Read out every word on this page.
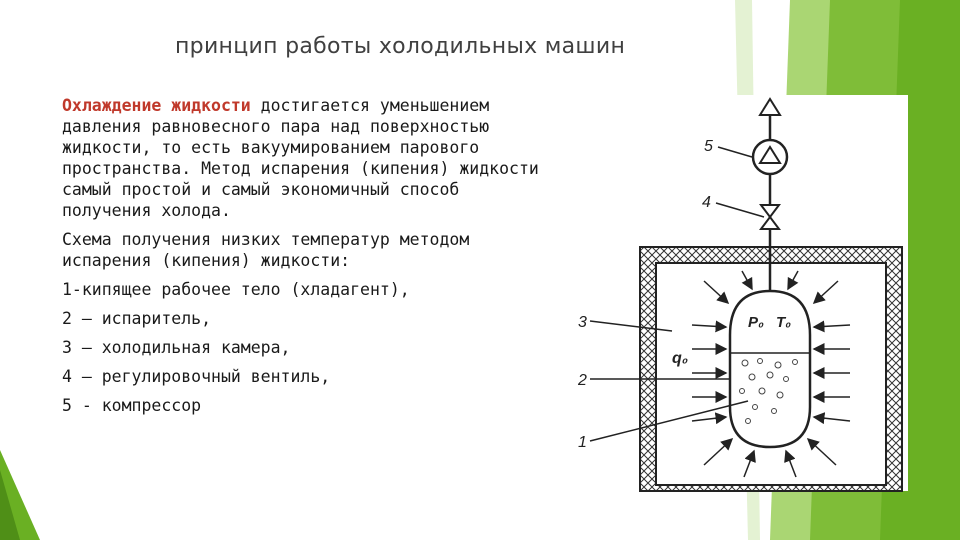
принцип работы холодильных машин

Охлаждение жидкости достигается уменьшением давления равновесного пара над поверхностью жидкости, то есть вакуумированием парового пространства. Метод испарения (кипения) жидкости самый простой и самый экономичный способ получения холода.

Схема получения низких температур методом испарения (кипения) жидкости:

1-кипящее рабочее тело (хладагент),

2 – испаритель,

3 – холодильная камера,

4 – регулировочный вентиль,

5 - компрессор

5
4
P₀ T₀
q₀
3
2
1
